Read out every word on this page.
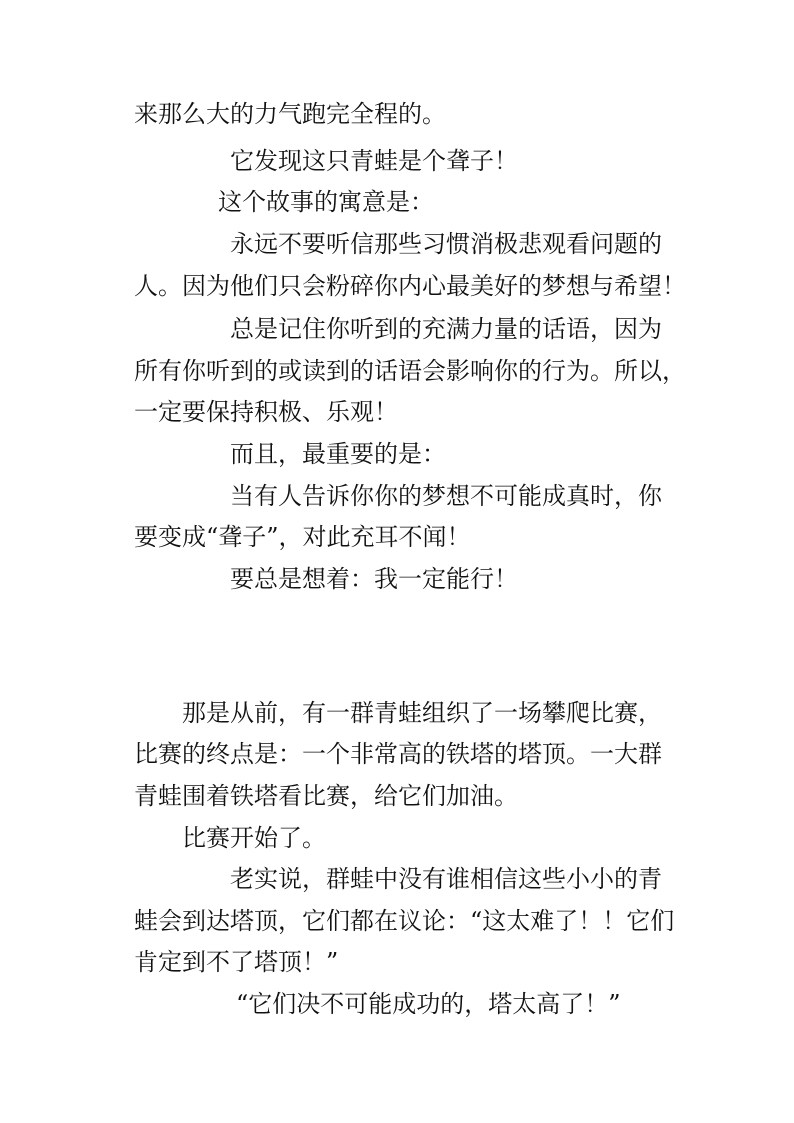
来那么大的力气跑完全程的。
它发现这只青蛙是个聋子！
这个故事的寓意是：
永远不要听信那些习惯消极悲观看问题的
人。因为他们只会粉碎你内心最美好的梦想与希望！
总是记住你听到的充满力量的话语，因为
所有你听到的或读到的话语会影响你的行为。所以，
一定要保持积极、乐观！
而且，最重要的是：
当有人告诉你你的梦想不可能成真时，你
要变成“聋子”，对此充耳不闻！
要总是想着：我一定能行！
那是从前，有一群青蛙组织了一场攀爬比赛，
比赛的终点是：一个非常高的铁塔的塔顶。一大群
青蛙围着铁塔看比赛，给它们加油。
比赛开始了。
老实说，群蛙中没有谁相信这些小小的青
蛙会到达塔顶，它们都在议论：“这太难了！！它们
肯定到不了塔顶！”
“它们决不可能成功的，塔太高了！”
